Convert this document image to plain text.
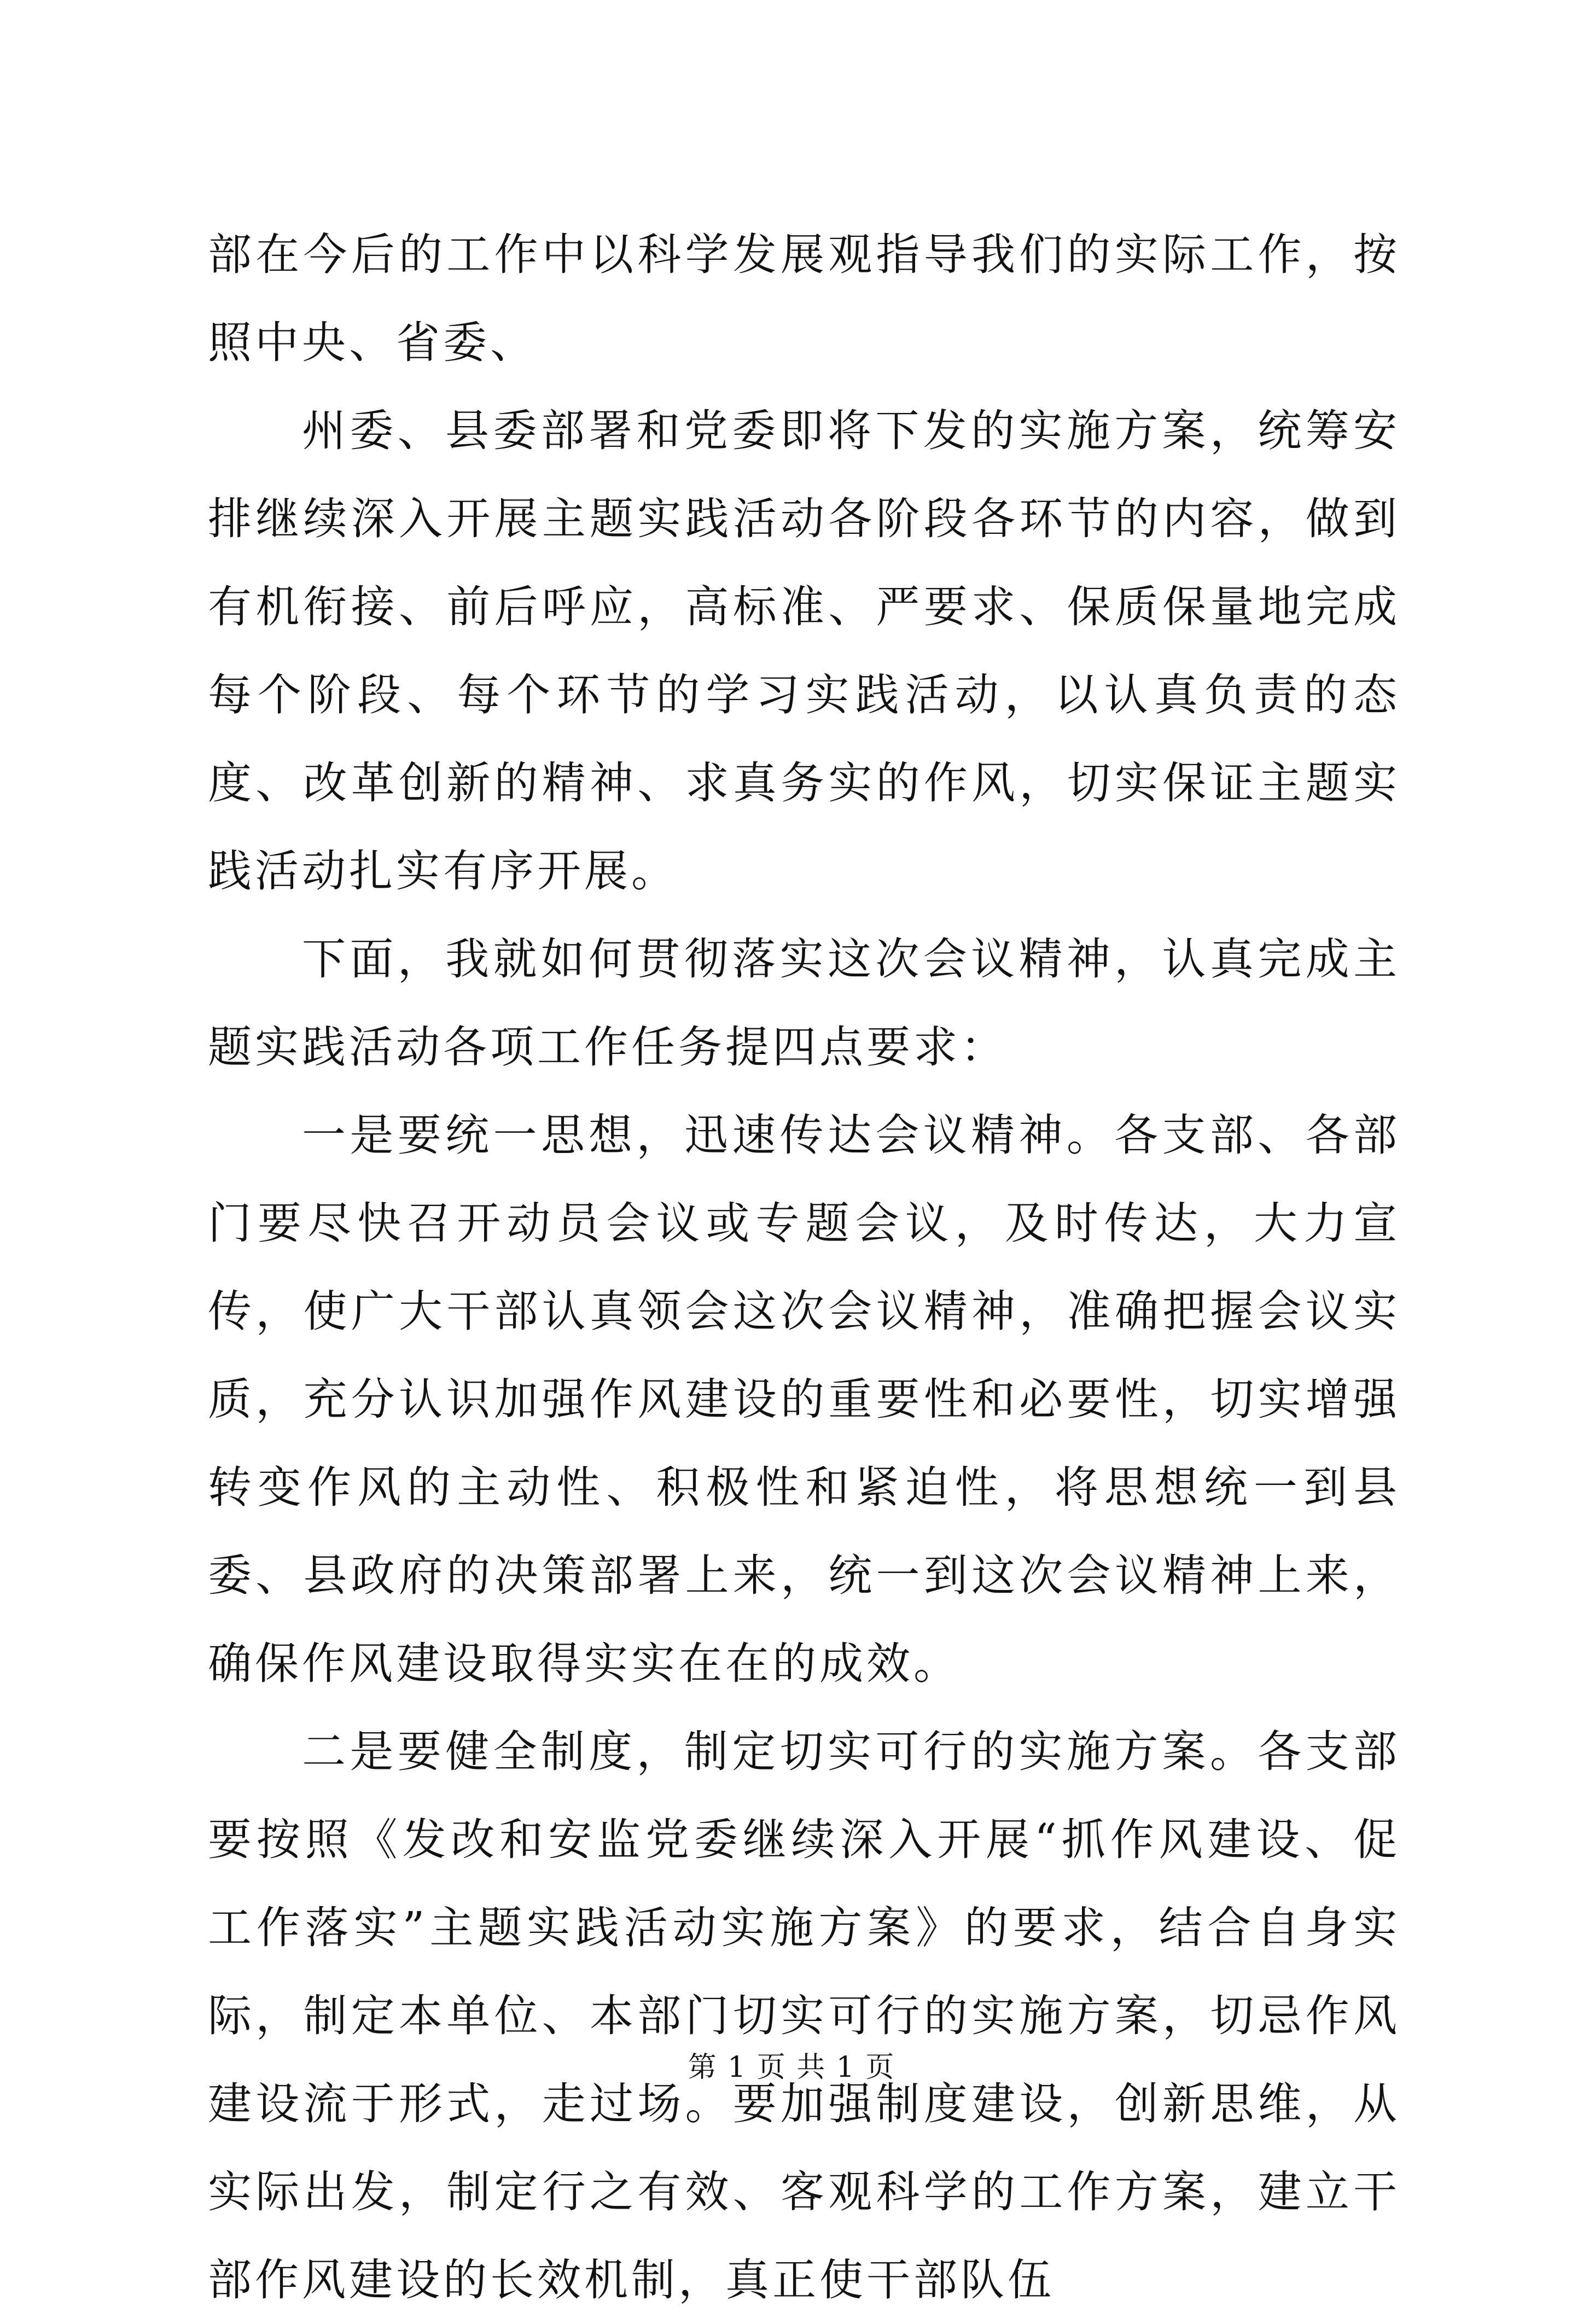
部在今后的工作中以科学发展观指导我们的实际工作，按照中央、省委、

州委、县委部署和党委即将下发的实施方案，统筹安排继续深入开展主题实践活动各阶段各环节的内容，做到有机衔接、前后呼应，高标准、严要求、保质保量地完成每个阶段、每个环节的学习实践活动，以认真负责的态度、改革创新的精神、求真务实的作风，切实保证主题实践活动扎实有序开展。

下面，我就如何贯彻落实这次会议精神，认真完成主题实践活动各项工作任务提四点要求：

一是要统一思想，迅速传达会议精神。各支部、各部门要尽快召开动员会议或专题会议，及时传达，大力宣传，使广大干部认真领会这次会议精神，准确把握会议实质，充分认识加强作风建设的重要性和必要性，切实增强转变作风的主动性、积极性和紧迫性，将思想统一到县委、县政府的决策部署上来，统一到这次会议精神上来，确保作风建设取得实实在在的成效。

二是要健全制度，制定切实可行的实施方案。各支部要按照《发改和安监党委继续深入开展“抓作风建设、促工作落实”主题实践活动实施方案》的要求，结合自身实际，制定本单位、本部门切实可行的实施方案，切忌作风建设流于形式，走过场。要加强制度建设，创新思维，从实际出发，制定行之有效、客观科学的工作方案，建立干部作风建设的长效机制，真正使干部队伍

第 1 页 共 1 页
